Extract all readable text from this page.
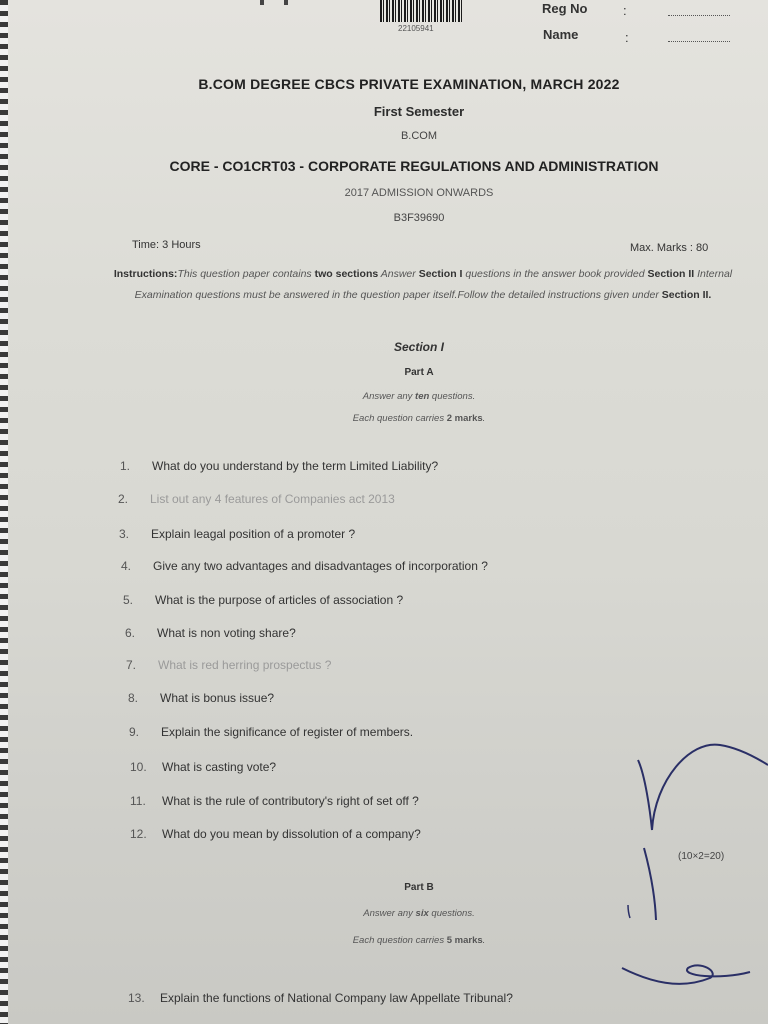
22105941
Reg No	:
Name	:
B.COM DEGREE CBCS PRIVATE EXAMINATION, MARCH 2022
First Semester
B.COM
CORE - CO1CRT03 - CORPORATE REGULATIONS AND ADMINISTRATION
2017 ADMISSION ONWARDS
B3F39690
Time: 3 Hours	Max. Marks : 80
Instructions:This question paper contains two sections Answer Section I questions in the answer book provided Section II Internal Examination questions must be answered in the question paper itself.Follow the detailed instructions given under Section II.
Section I
Part A
Answer any ten questions.
Each question carries 2 marks.
1.	What do you understand by the term Limited Liability?
2.	List out any 4 features of Companies act 2013
3.	Explain leagal position of a promoter ?
4.	Give any two advantages and disadvantages of incorporation ?
5.	What is the purpose of articles of association ?
6.	What is non voting share?
7.	What is red herring prospectus ?
8.	What is bonus issue?
9.	Explain the significance of register of members.
10.	What is casting vote?
11.	What is the rule of contributory's right of set off ?
12.	What do you mean by dissolution of a company?
(10×2=20)
Part B
Answer any six questions.
Each question carries 5 marks.
13.	Explain the functions of National Company law Appellate Tribunal?
